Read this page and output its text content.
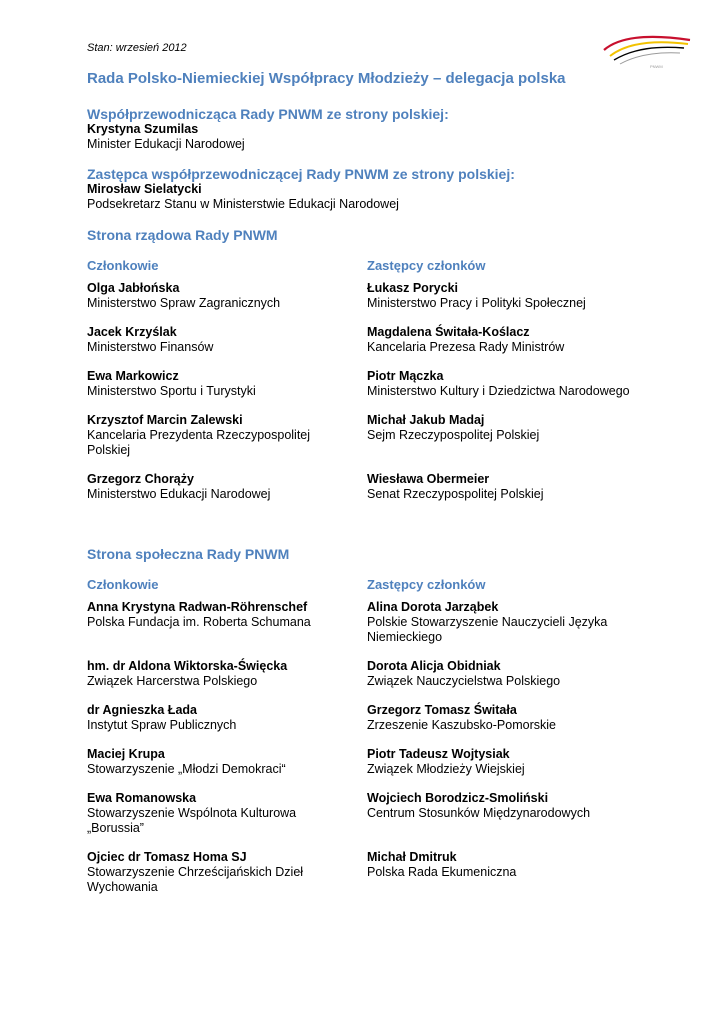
Stan: wrzesień 2012
PNWM
Rada Polsko-Niemieckiej Współpracy Młodzieży – delegacja polska
Współprzewodnicząca Rady PNWM ze strony polskiej:
Krystyna Szumilas
Minister Edukacji Narodowej
Zastępca współprzewodniczącej Rady PNWM ze strony polskiej:
Mirosław Sielatycki
Podsekretarz Stanu w Ministerstwie Edukacji Narodowej
Strona rządowa Rady PNWM
Członkowie	Zastępcy członków
Olga Jabłońska
Ministerstwo Spraw Zagranicznych
Jacek Krzyślak
Ministerstwo Finansów
Ewa Markowicz
Ministerstwo Sportu i Turystyki
Krzysztof Marcin Zalewski
Kancelaria Prezydenta Rzeczypospolitej Polskiej
Grzegorz Chorąży
Ministerstwo Edukacji Narodowej
Łukasz Porycki
Ministerstwo Pracy i Polityki Społecznej
Magdalena Świtała-Koślacz
Kancelaria Prezesa Rady Ministrów
Piotr Mączka
Ministerstwo Kultury i Dziedzictwa Narodowego
Michał Jakub Madaj
Sejm Rzeczypospolitej Polskiej
Wiesława Obermeier
Senat Rzeczypospolitej Polskiej
Strona społeczna Rady PNWM
Członkowie	Zastępcy członków
Anna Krystyna Radwan-Röhrenschef
Polska Fundacja im. Roberta Schumana
hm. dr Aldona Wiktorska-Święcka
Związek Harcerstwa Polskiego
dr Agnieszka Łada
Instytut Spraw Publicznych
Maciej Krupa
Stowarzyszenie „Młodzi Demokraci“
Ewa Romanowska
Stowarzyszenie Wspólnota Kulturowa „Borussia”
Ojciec dr Tomasz Homa SJ
Stowarzyszenie Chrześcijańskich Dzieł Wychowania
Alina Dorota Jarząbek
Polskie Stowarzyszenie Nauczycieli Języka Niemieckiego
Dorota Alicja Obidniak
Związek Nauczycielstwa Polskiego
Grzegorz Tomasz Świtała
Zrzeszenie Kaszubsko-Pomorskie
Piotr Tadeusz Wojtysiak
Związek Młodzieży Wiejskiej
Wojciech Borodzicz-Smoliński
Centrum Stosunków Międzynarodowych
Michał Dmitruk
Polska Rada Ekumeniczna
